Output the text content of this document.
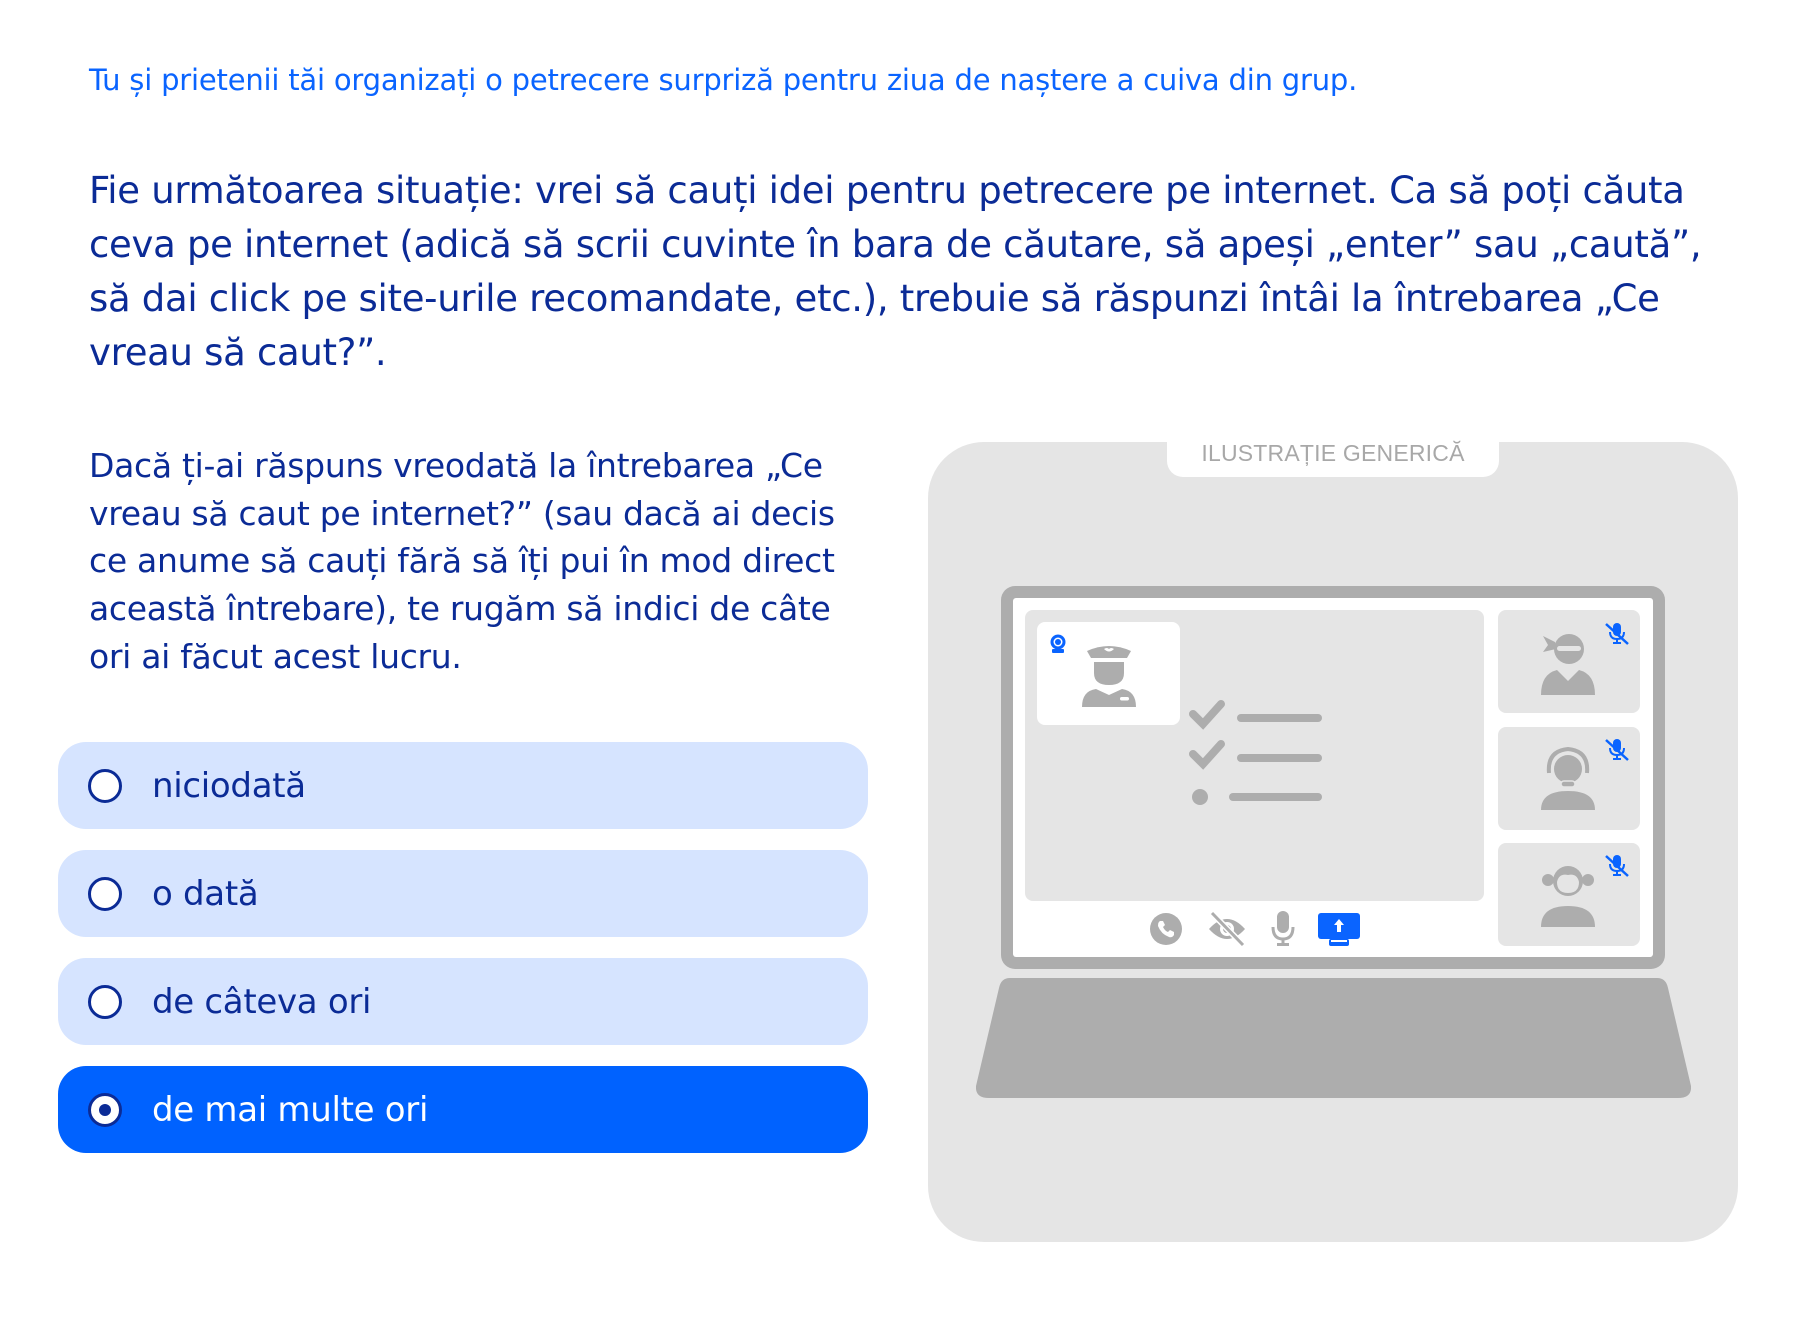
Tu și prietenii tăi organizați o petrecere surpriză pentru ziua de naștere a cuiva din grup.
Fie următoarea situație: vrei să cauți idei pentru petrecere pe internet. Ca să poți căuta ceva pe internet (adică să scrii cuvinte în bara de căutare, să apeși „enter” sau „caută”, să dai click pe site-urile recomandate, etc.), trebuie să răspunzi întâi la întrebarea „Ce vreau să caut?”.
Dacă ți-ai răspuns vreodată la întrebarea „Ce vreau să caut pe internet?” (sau dacă ai decis ce anume să cauți fără să îți pui în mod direct această întrebare), te rugăm să indici de câte ori ai făcut acest lucru.
niciodată
o dată
de câteva ori
de mai multe ori
ILUSTRAȚIE GENERICĂ
